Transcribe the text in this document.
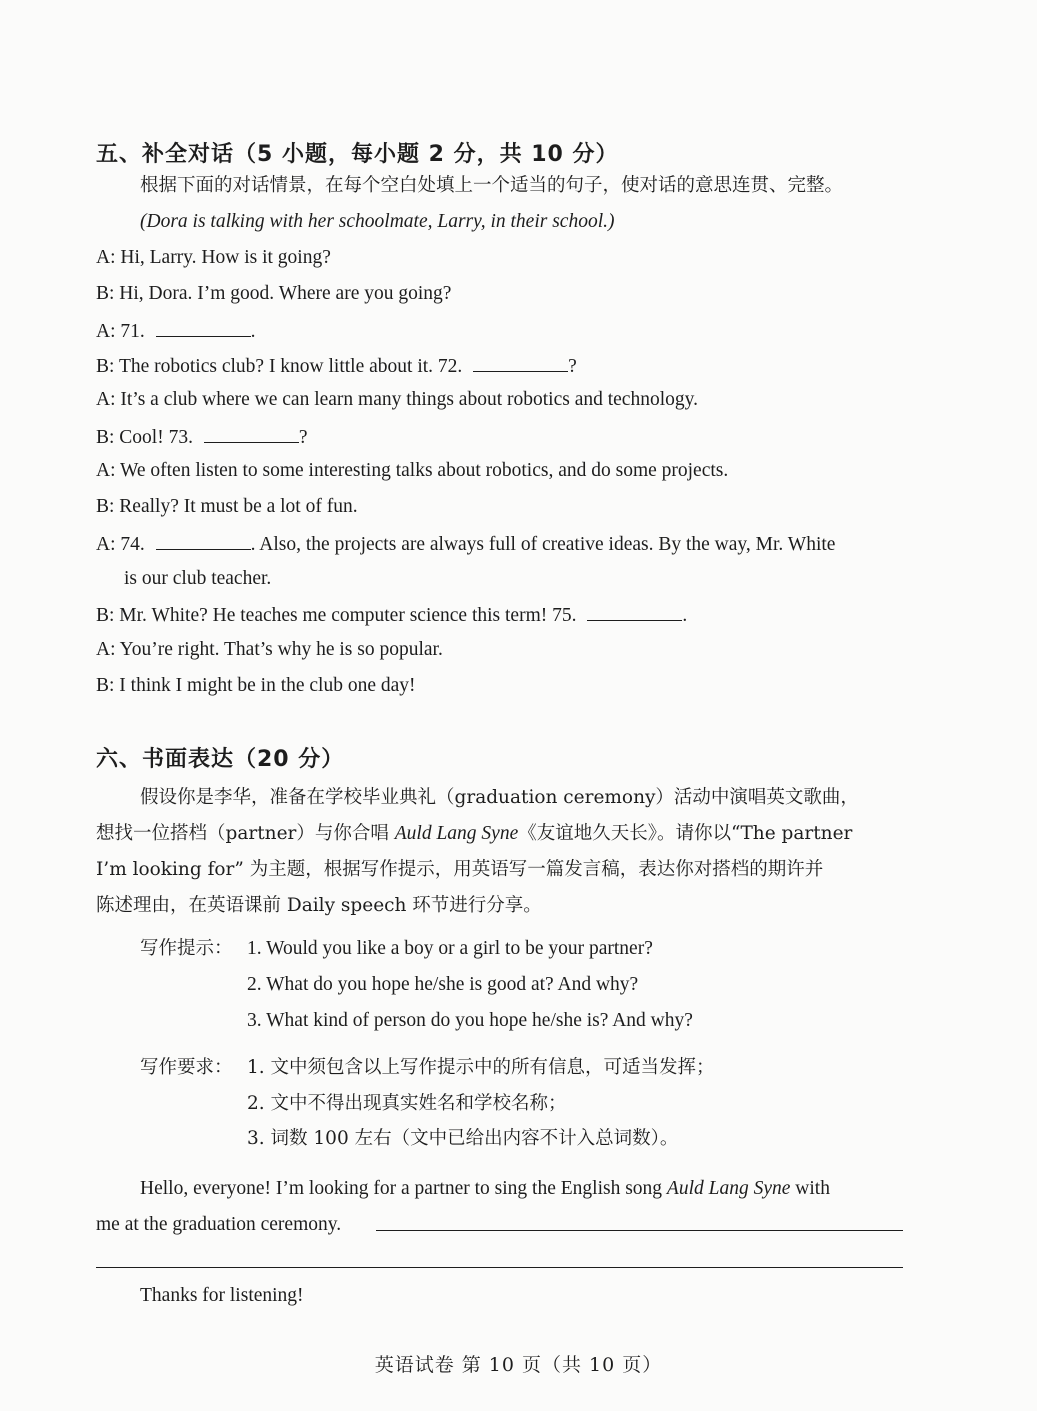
五、补全对话（5 小题，每小题 2 分，共 10 分）
根据下面的对话情景，在每个空白处填上一个适当的句子，使对话的意思连贯、完整。
(Dora is talking with her schoolmate, Larry, in their school.)
A: Hi, Larry. How is it going?
B: Hi, Dora. I’m good. Where are you going?
A: 71.	.
B: The robotics club? I know little about it. 72.	?
A: It’s a club where we can learn many things about robotics and technology.
B: Cool! 73.	?
A: We often listen to some interesting talks about robotics, and do some projects.
B: Really? It must be a lot of fun.
A: 74.	. Also, the projects are always full of creative ideas. By the way, Mr. White
is our club teacher.
B: Mr. White? He teaches me computer science this term! 75.	.
A: You’re right. That’s why he is so popular.
B: I think I might be in the club one day!
六、书面表达（20 分）
假设你是李华，准备在学校毕业典礼（graduation ceremony）活动中演唱英文歌曲，
想找一位搭档（partner）与你合唱 Auld Lang Syne《友谊地久天长》。请你以“The partner
I’m looking for” 为主题，根据写作提示，用英语写一篇发言稿，表达你对搭档的期许并
陈述理由，在英语课前 Daily speech 环节进行分享。
写作提示： 1. Would you like a boy or a girl to be your partner?
2. What do you hope he/she is good at? And why?
3. What kind of person do you hope he/she is? And why?
写作要求： 1. 文中须包含以上写作提示中的所有信息，可适当发挥；
2. 文中不得出现真实姓名和学校名称；
3. 词数 100 左右（文中已给出内容不计入总词数）。
Hello, everyone! I’m looking for a partner to sing the English song Auld Lang Syne with
me at the graduation ceremony.
Thanks for listening!
英语试卷 第 10 页（共 10 页）
